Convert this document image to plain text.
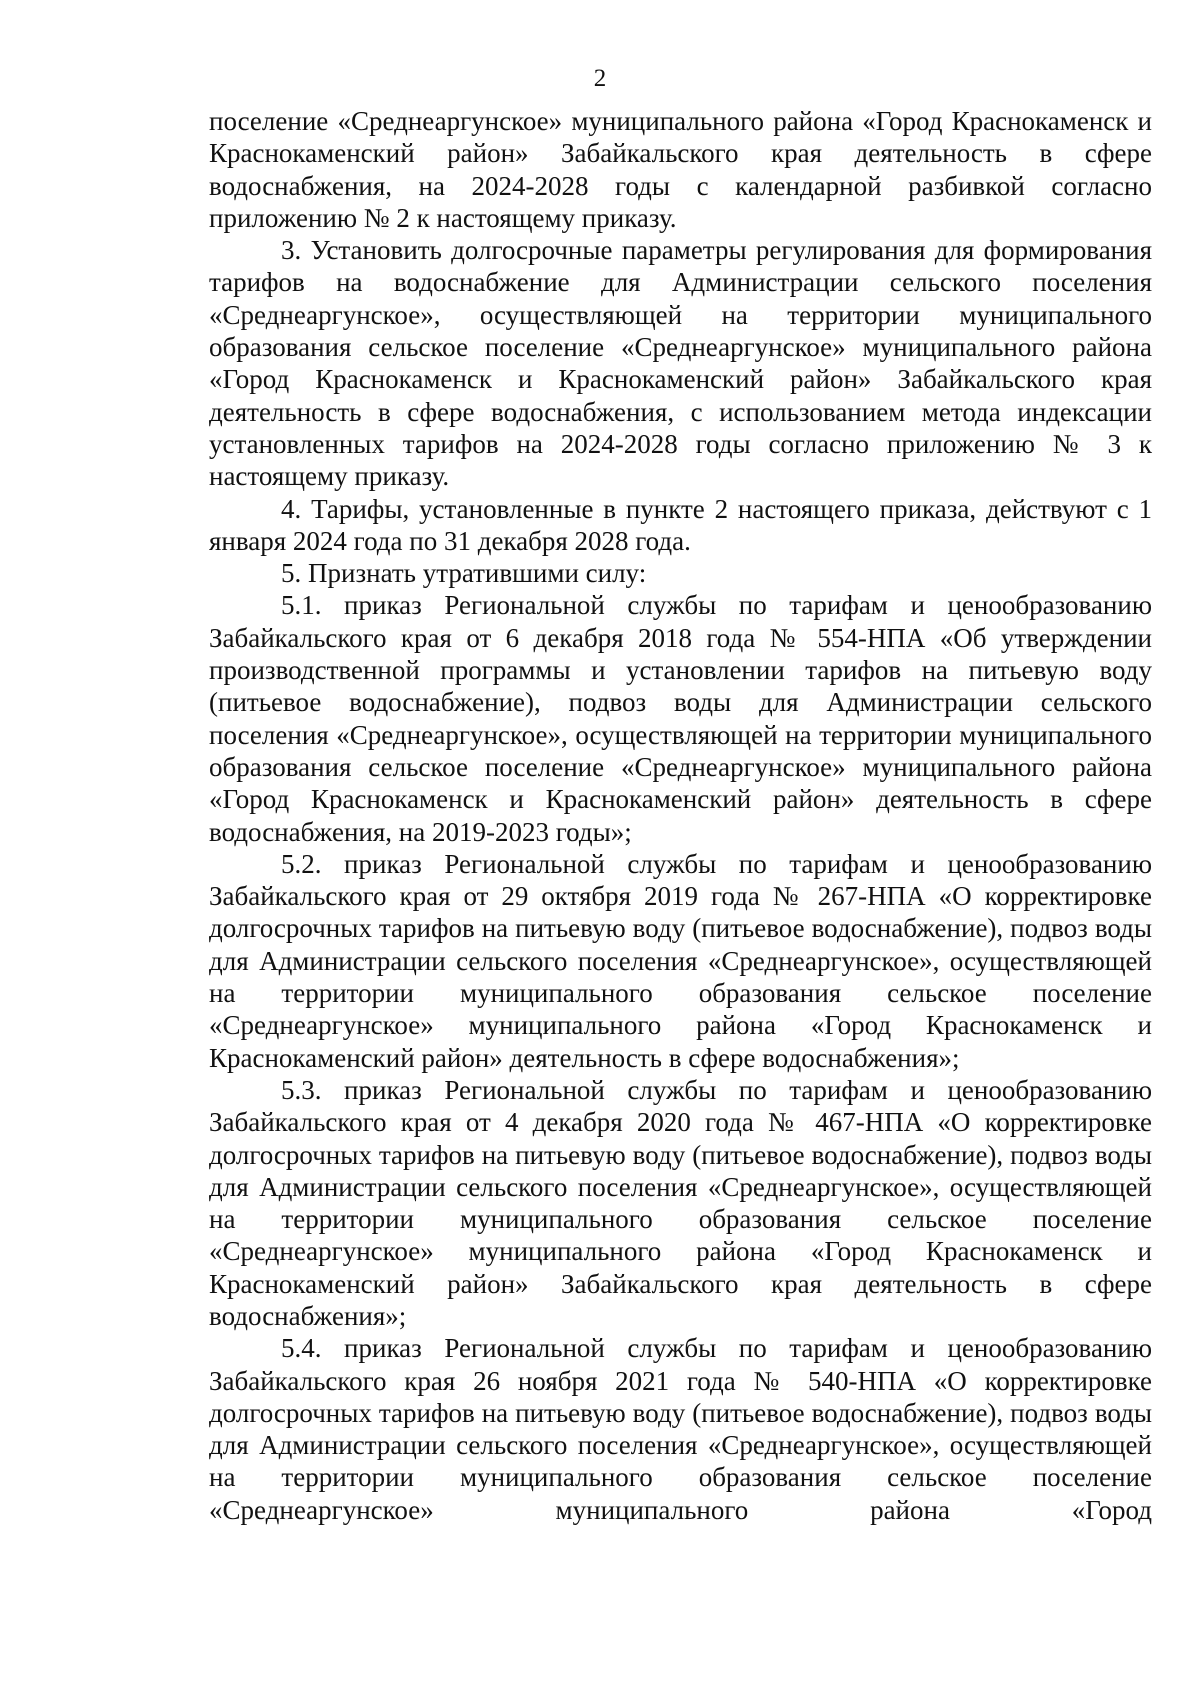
2

поселение «Среднеаргунское» муниципального района «Город Краснокаменск и Краснокаменский район» Забайкальского края деятельность в сфере водоснабжения, на 2024-2028 годы с календарной разбивкой согласно приложению № 2 к настоящему приказу.

3. Установить долгосрочные параметры регулирования для формирования тарифов на водоснабжение для Администрации сельского поселения «Среднеаргунское», осуществляющей на территории муниципального образования сельское поселение «Среднеаргунское» муниципального района «Город Краснокаменск и Краснокаменский район» Забайкальского края деятельность в сфере водоснабжения, с использованием метода индексации установленных тарифов на 2024-2028 годы согласно приложению № 3 к настоящему приказу.

4. Тарифы, установленные в пункте 2 настоящего приказа, действуют с 1 января 2024 года по 31 декабря 2028 года.

5. Признать утратившими силу:

5.1. приказ Региональной службы по тарифам и ценообразованию Забайкальского края от 6 декабря 2018 года № 554-НПА «Об утверждении производственной программы и установлении тарифов на питьевую воду (питьевое водоснабжение), подвоз воды для Администрации сельского поселения «Среднеаргунское», осуществляющей на территории муниципального образования сельское поселение «Среднеаргунское» муниципального района «Город Краснокаменск и Краснокаменский район» деятельность в сфере водоснабжения, на 2019-2023 годы»;

5.2. приказ Региональной службы по тарифам и ценообразованию Забайкальского края от 29 октября 2019 года № 267-НПА «О корректировке долгосрочных тарифов на питьевую воду (питьевое водоснабжение), подвоз воды для Администрации сельского поселения «Среднеаргунское», осуществляющей на территории муниципального образования сельское поселение «Среднеаргунское» муниципального района «Город Краснокаменск и Краснокаменский район» деятельность в сфере водоснабжения»;

5.3. приказ Региональной службы по тарифам и ценообразованию Забайкальского края от 4 декабря 2020 года № 467-НПА «О корректировке долгосрочных тарифов на питьевую воду (питьевое водоснабжение), подвоз воды для Администрации сельского поселения «Среднеаргунское», осуществляющей на территории муниципального образования сельское поселение «Среднеаргунское» муниципального района «Город Краснокаменск и Краснокаменский район» Забайкальского края деятельность в сфере водоснабжения»;

5.4. приказ Региональной службы по тарифам и ценообразованию Забайкальского края 26 ноября 2021 года № 540-НПА «О корректировке долгосрочных тарифов на питьевую воду (питьевое водоснабжение), подвоз воды для Администрации сельского поселения «Среднеаргунское», осуществляющей на территории муниципального образования сельское поселение «Среднеаргунское» муниципального района «Город
